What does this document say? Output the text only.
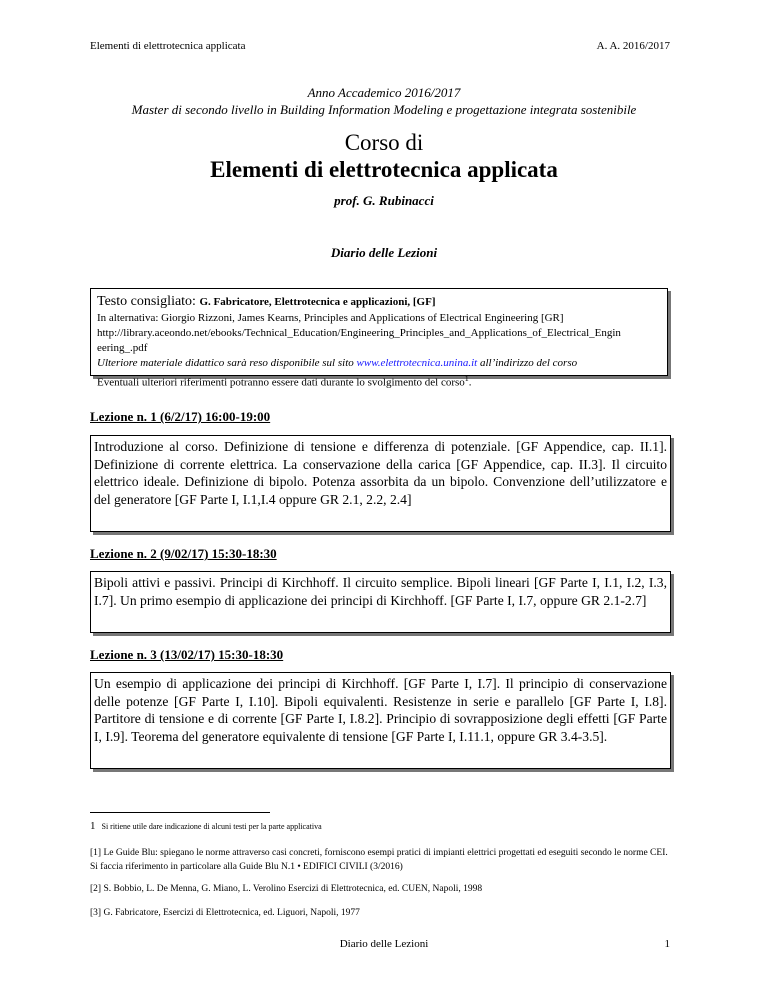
Elementi di elettrotecnica applicata	A. A. 2016/2017
Anno Accademico 2016/2017
Master di secondo livello in Building Information Modeling e progettazione integrata sostenibile
Corso di
Elementi di elettrotecnica applicata
prof. G. Rubinacci
Diario delle Lezioni
Testo consigliato: G. Fabricatore, Elettrotecnica e applicazioni, [GF]
In alternativa: Giorgio Rizzoni, James Kearns, Principles and Applications of Electrical Engineering [GR]
http://library.aceondo.net/ebooks/Technical_Education/Engineering_Principles_and_Applications_of_Electrical_Engin
eering_.pdf
Ulteriore materiale didattico sarà reso disponibile sul sito www.elettrotecnica.unina.it all’indirizzo del corso
Eventuali ulteriori riferimenti potranno essere dati durante lo svolgimento del corso$^1$.
Lezione n. 1 (6/2/17) 16:00-19:00
Introduzione al corso. Definizione di tensione e differenza di potenziale. [GF Appendice, cap. II.1]. Definizione di corrente elettrica. La conservazione della carica [GF Appendice, cap. II.3]. Il circuito elettrico ideale. Definizione di bipolo. Potenza assorbita da un bipolo. Convenzione dell’utilizzatore e del generatore [GF Parte I, I.1,I.4 oppure GR 2.1, 2.2, 2.4]
Lezione n. 2 (9/02/17) 15:30-18:30
Bipoli attivi e passivi. Principi di Kirchhoff. Il circuito semplice. Bipoli lineari [GF Parte I, I.1, I.2, I.3, I.7]. Un primo esempio di applicazione dei principi di Kirchhoff. [GF Parte I, I.7, oppure GR 2.1-2.7]
Lezione n. 3 (13/02/17) 15:30-18:30
Un esempio di applicazione dei principi di Kirchhoff. [GF Parte I, I.7]. Il principio di conservazione delle potenze [GF Parte I, I.10]. Bipoli equivalenti. Resistenze in serie e parallelo [GF Parte I, I.8]. Partitore di tensione e di corrente [GF Parte I, I.8.2]. Principio di sovrapposizione degli effetti [GF Parte I, I.9]. Teorema del generatore equivalente di tensione [GF Parte I, I.11.1, oppure GR 3.4-3.5].
1 Si ritiene utile dare indicazione di alcuni testi per la parte applicativa
[1] Le Guide Blu: spiegano le norme attraverso casi concreti, forniscono esempi pratici di impianti elettrici progettati ed eseguiti secondo le norme CEI. Si faccia riferimento in particolare alla Guide Blu N.1 • EDIFICI CIVILI (3/2016)
[2] S. Bobbio, L. De Menna, G. Miano, L. Verolino Esercizi di Elettrotecnica, ed. CUEN, Napoli, 1998
[3] G. Fabricatore, Esercizi di Elettrotecnica, ed. Liguori, Napoli, 1977
Diario delle Lezioni	1
